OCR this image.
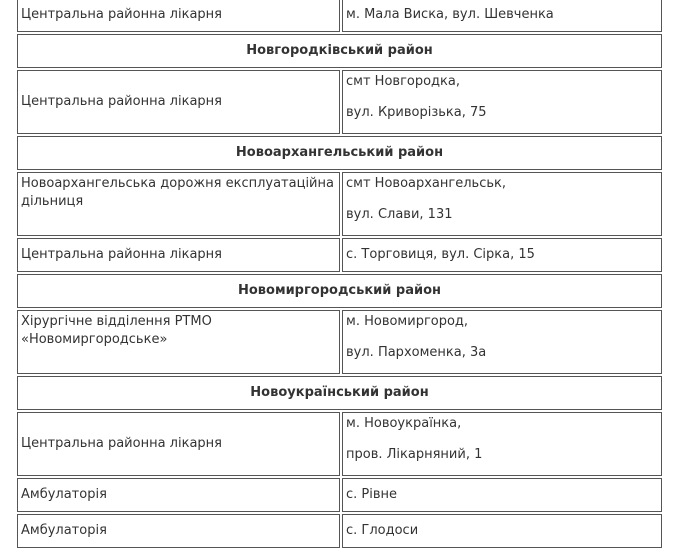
Центральна районна лікарня	м. Мала Виска, вул. Шевченка

Новгородківський район	
Центральна районна лікарня	смт Новгородка,
вул. Криворізька, 75

Новоархангельський район	
Новоархангельська дорожня експлуатаційна дільниця	смт Новоархангельськ,
вул. Слави, 131

Центральна районна лікарня	с. Торговиця, вул. Сірка, 15

Новомиргородський район	
Хірургічне відділення РТМО «Новомиргородське»	м. Новомиргород,
вул. Пархоменка, 3а

Новоукраїнський район	
Центральна районна лікарня	м. Новоукраїнка,
пров. Лікарняний, 1

Амбулаторія	с. Рівне

Амбулаторія	с. Глодоси
